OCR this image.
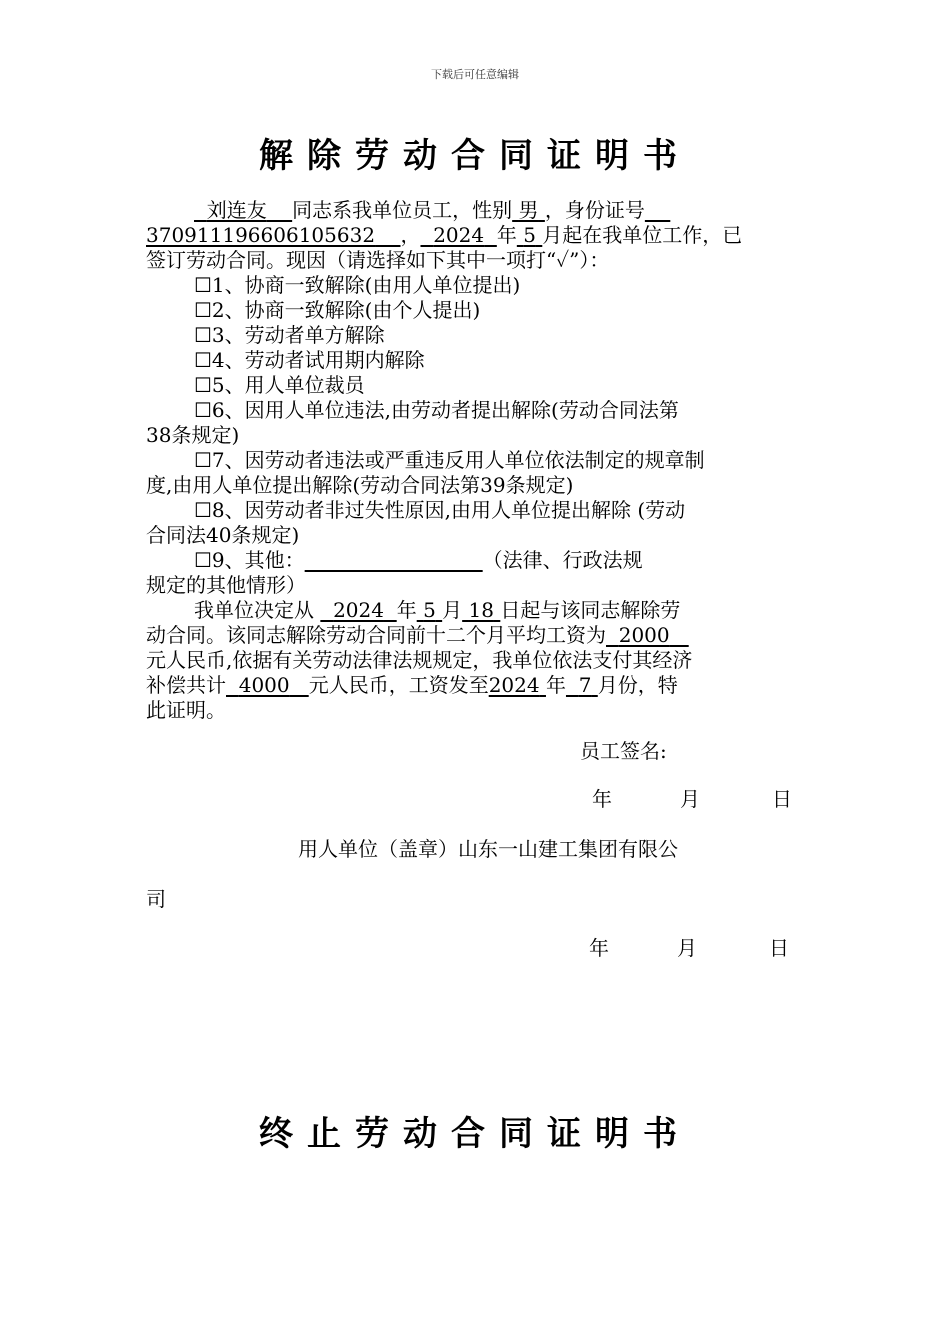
下载后可任意编辑
解除劳动合同证明书

刘连友 同志系我单位员工，性别 男 ，身份证号

370911196606105632 ， 2024 年 5 月起在我单位工作，已

签订劳动合同。现因（请选择如下其中一项打“✓”）：

☐1、协商一致解除(由用人单位提出)

☐2、协商一致解除(由个人提出)

☐3、劳动者单方解除

☐4、劳动者试用期内解除

☐5、用人单位裁员

☐6、因用人单位违法,由劳动者提出解除(劳动合同法第

38条规定)

☐7、因劳动者违法或严重违反用人单位依法制定的规章制

度,由用人单位提出解除(劳动合同法第39条规定)

☐8、因劳动者非过失性原因,由用人单位提出解除 (劳动

合同法40条规定)

☐9、其他：	（法律、行政法规

规定的其他情形）

我单位决定从 2024 年 5 月 18 日起与该同志解除劳

动合同。该同志解除劳动合同前十二个月平均工资为 2000

元人民币,依据有关劳动法律法规规定，我单位依法支付其经济

补偿共计 4000 元人民币，工资发至2024 年 7 月份，特

此证明。

员工签名:
年	月	日
用人单位（盖章）山东一山建工集团有限公
司
年	月	日
终止劳动合同证明书
